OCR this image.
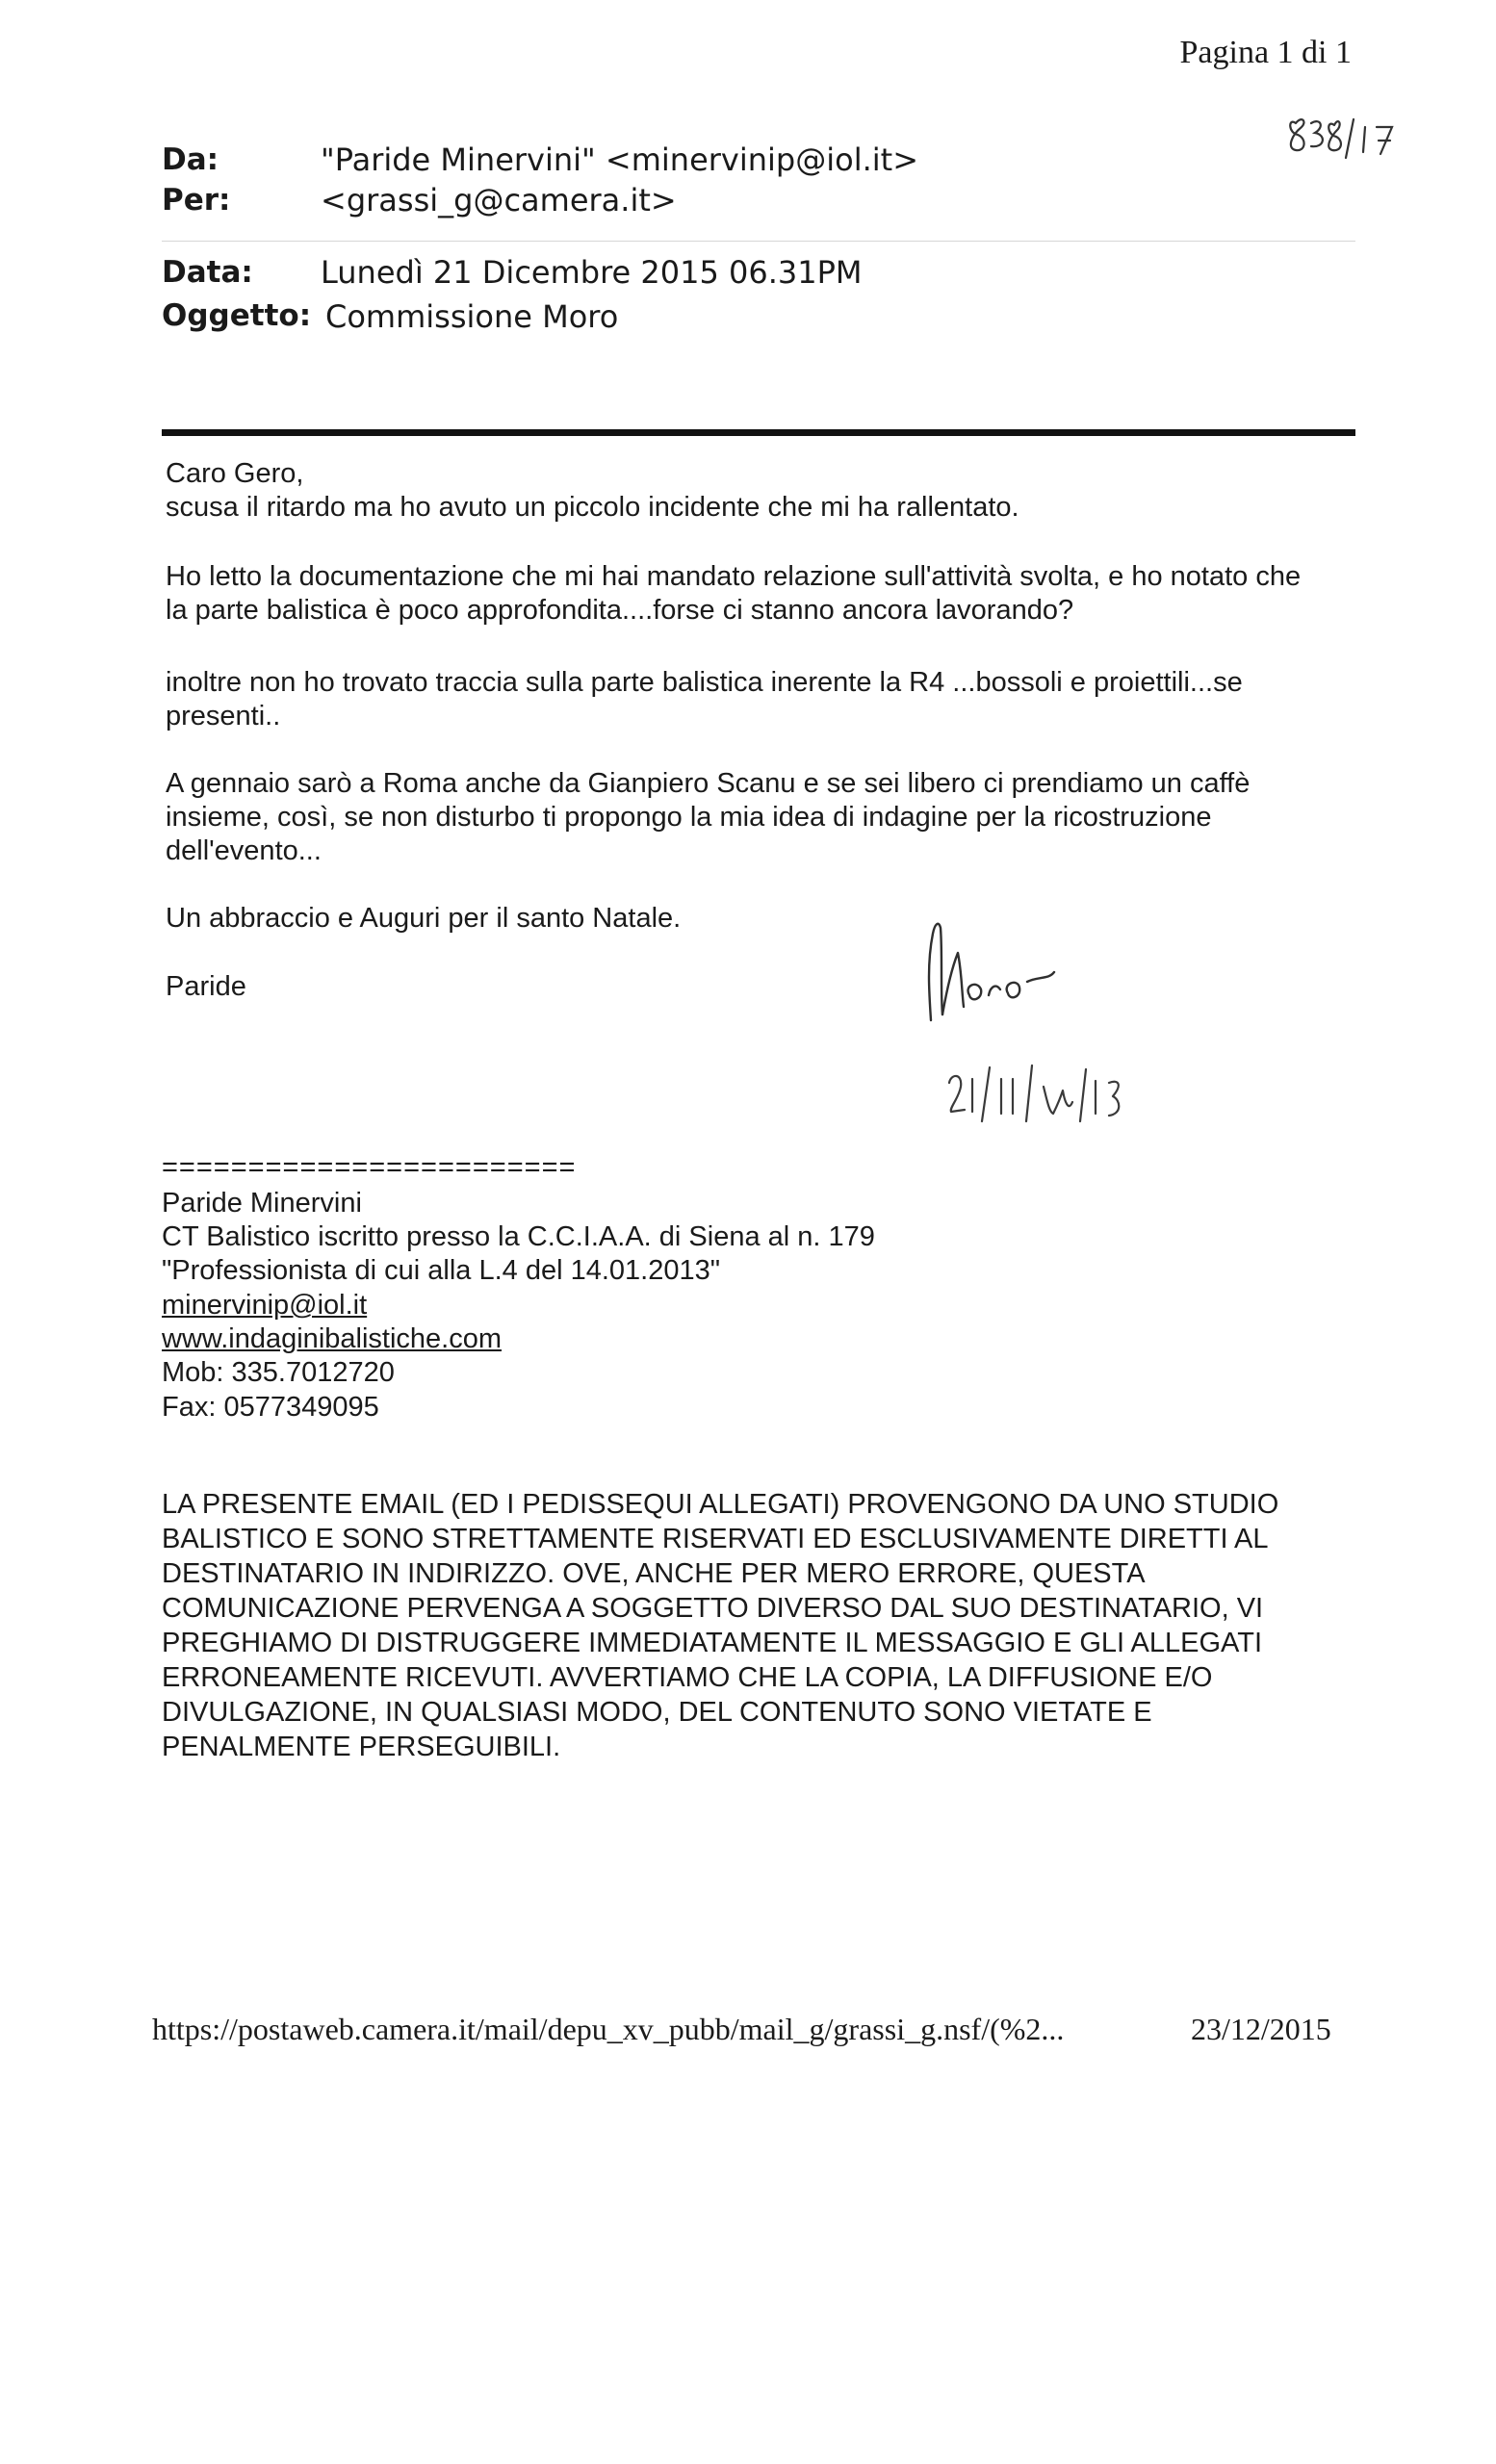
Pagina 1 di 1
Da:	"Paride Minervini" <minervinip@iol.it>
Per:	<grassi_g@camera.it>
Data: Lunedì 21 Dicembre 2015 06.31PM
Oggetto: Commissione Moro
Caro Gero,
scusa il ritardo ma ho avuto un piccolo incidente che mi ha rallentato.
Ho letto la documentazione che mi hai mandato relazione sull'attività svolta, e ho notato che la parte balistica è poco approfondita....forse ci stanno ancora lavorando?
inoltre non ho trovato traccia sulla parte balistica inerente la R4 ...bossoli e proiettili...se presenti..
A gennaio sarò a Roma anche da Gianpiero Scanu e se sei libero ci prendiamo un caffè insieme, così, se non disturbo ti propongo la mia idea di indagine per la ricostruzione dell'evento...
Un abbraccio e Auguri per il santo Natale.
Paride
========================
Paride Minervini
CT Balistico iscritto presso la C.C.I.A.A. di Siena al n. 179
"Professionista di cui alla L.4 del 14.01.2013"
minervinip@iol.it
www.indaginibalistiche.com
Mob: 335.7012720
Fax: 0577349095
LA PRESENTE EMAIL (ED I PEDISSEQUI ALLEGATI) PROVENGONO DA UNO STUDIO BALISTICO E SONO STRETTAMENTE RISERVATI ED ESCLUSIVAMENTE DIRETTI AL DESTINATARIO IN INDIRIZZO. OVE, ANCHE PER MERO ERRORE, QUESTA COMUNICAZIONE PERVENGA A SOGGETTO DIVERSO DAL SUO DESTINATARIO, VI PREGHIAMO DI DISTRUGGERE IMMEDIATAMENTE IL MESSAGGIO E GLI ALLEGATI ERRONEAMENTE RICEVUTI. AVVERTIAMO CHE LA COPIA, LA DIFFUSIONE E/O DIVULGAZIONE, IN QUALSIASI MODO, DEL CONTENUTO SONO VIETATE E PENALMENTE PERSEGUIBILI.
https://postaweb.camera.it/mail/depu_xv_pubb/mail_g/grassi_g.nsf/(%2...	23/12/2015
